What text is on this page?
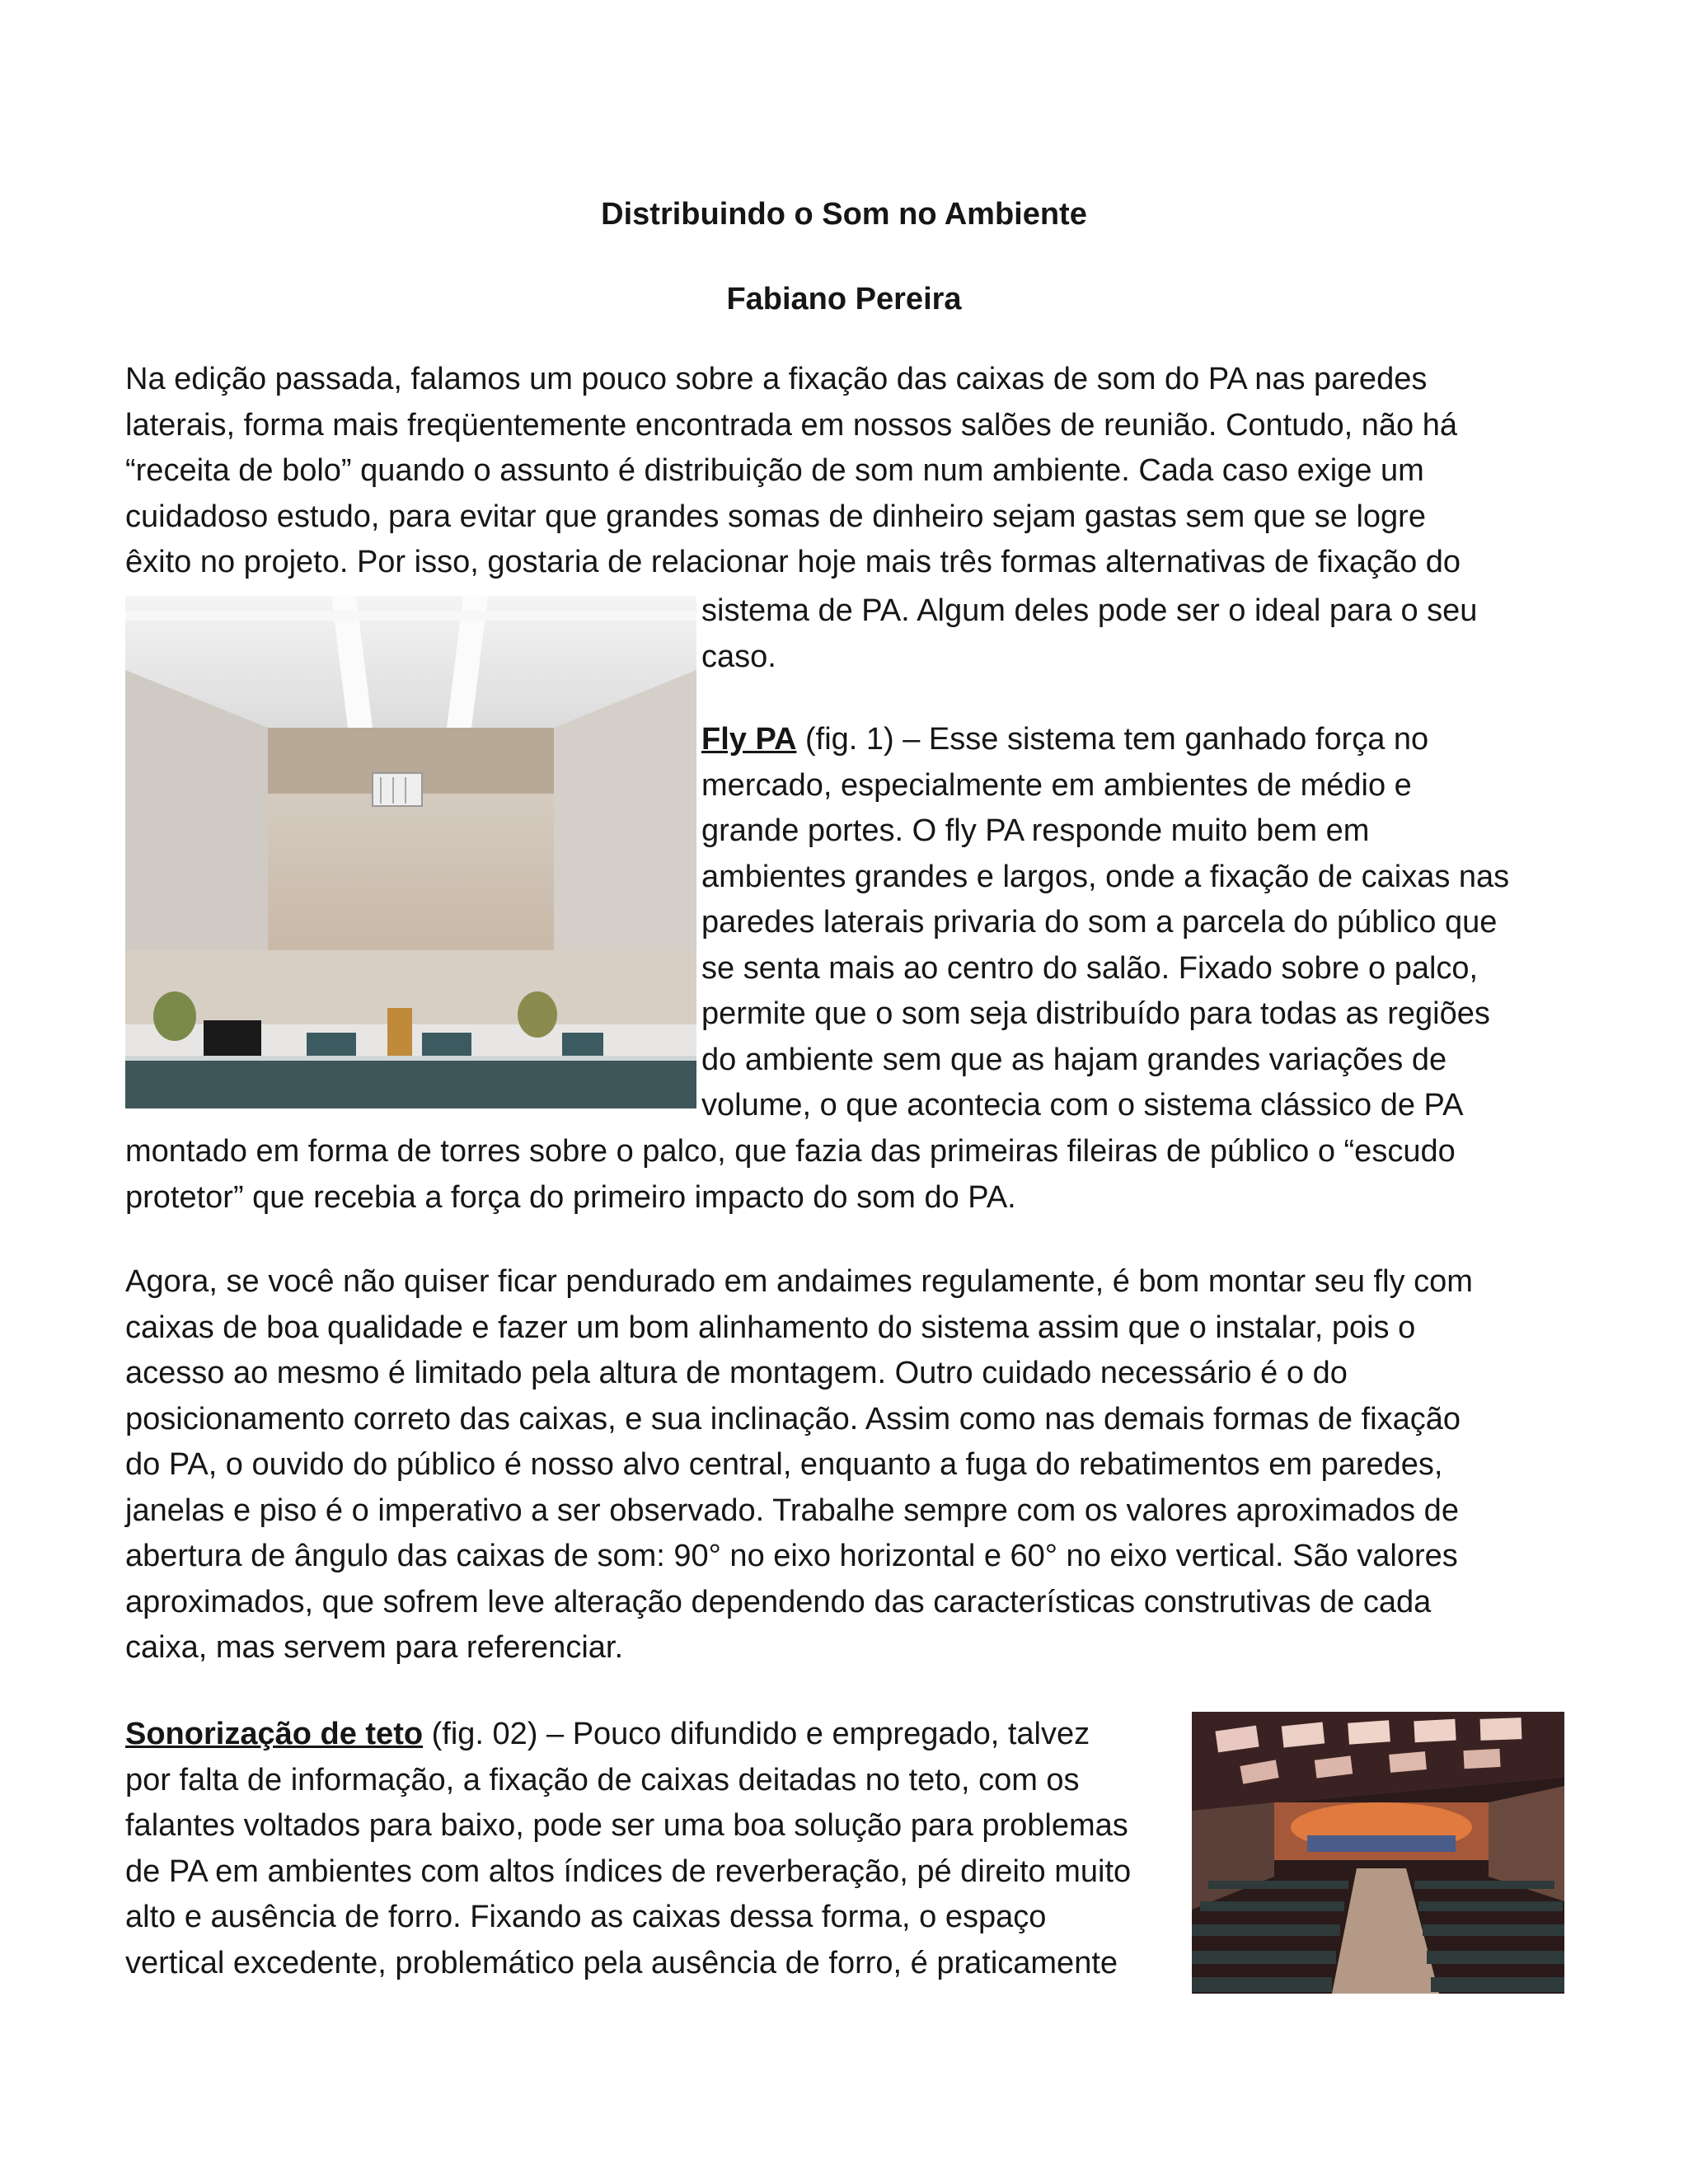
Distribuindo o Som no Ambiente
Fabiano Pereira
Na edição passada, falamos um pouco sobre a fixação das caixas de som do PA nas paredes
laterais, forma mais freqüentemente encontrada em nossos salões de reunião. Contudo, não há
“receita de bolo” quando o assunto é distribuição de som num ambiente. Cada caso exige um
cuidadoso estudo, para evitar que grandes somas de dinheiro sejam gastas sem que se logre
êxito no projeto. Por isso, gostaria de relacionar hoje mais três formas alternativas de fixação do
sistema de PA. Algum deles pode ser o ideal para o seu
caso.
Fly PA (fig. 1) – Esse sistema tem ganhado força no
mercado, especialmente em ambientes de médio e
grande portes. O fly PA responde muito bem em
ambientes grandes e largos, onde a fixação de caixas nas
paredes laterais privaria do som a parcela do público que
se senta mais ao centro do salão. Fixado sobre o palco,
permite que o som seja distribuído para todas as regiões
do ambiente sem que as hajam grandes variações de
volume, o que acontecia com o sistema clássico de PA
montado em forma de torres sobre o palco, que fazia das primeiras fileiras de público o “escudo
protetor” que recebia a força do primeiro impacto do som do PA.
Agora, se você não quiser ficar pendurado em andaimes regulamente, é bom montar seu fly com
caixas de boa qualidade e fazer um bom alinhamento do sistema assim que o instalar, pois o
acesso ao mesmo é limitado pela altura de montagem. Outro cuidado necessário é o do
posicionamento correto das caixas, e sua inclinação. Assim como nas demais formas de fixação
do PA, o ouvido do público é nosso alvo central, enquanto a fuga do rebatimentos em paredes,
janelas e piso é o imperativo a ser observado. Trabalhe sempre com os valores aproximados de
abertura de ângulo das caixas de som: 90° no eixo horizontal e 60° no eixo vertical. São valores
aproximados, que sofrem leve alteração dependendo das características construtivas de cada
caixa, mas servem para referenciar.
Sonorização de teto (fig. 02) – Pouco difundido e empregado, talvez
por falta de informação, a fixação de caixas deitadas no teto, com os
falantes voltados para baixo, pode ser uma boa solução para problemas
de PA em ambientes com altos índices de reverberação, pé direito muito
alto e ausência de forro. Fixando as caixas dessa forma, o espaço
vertical excedente, problemático pela ausência de forro, é praticamente
